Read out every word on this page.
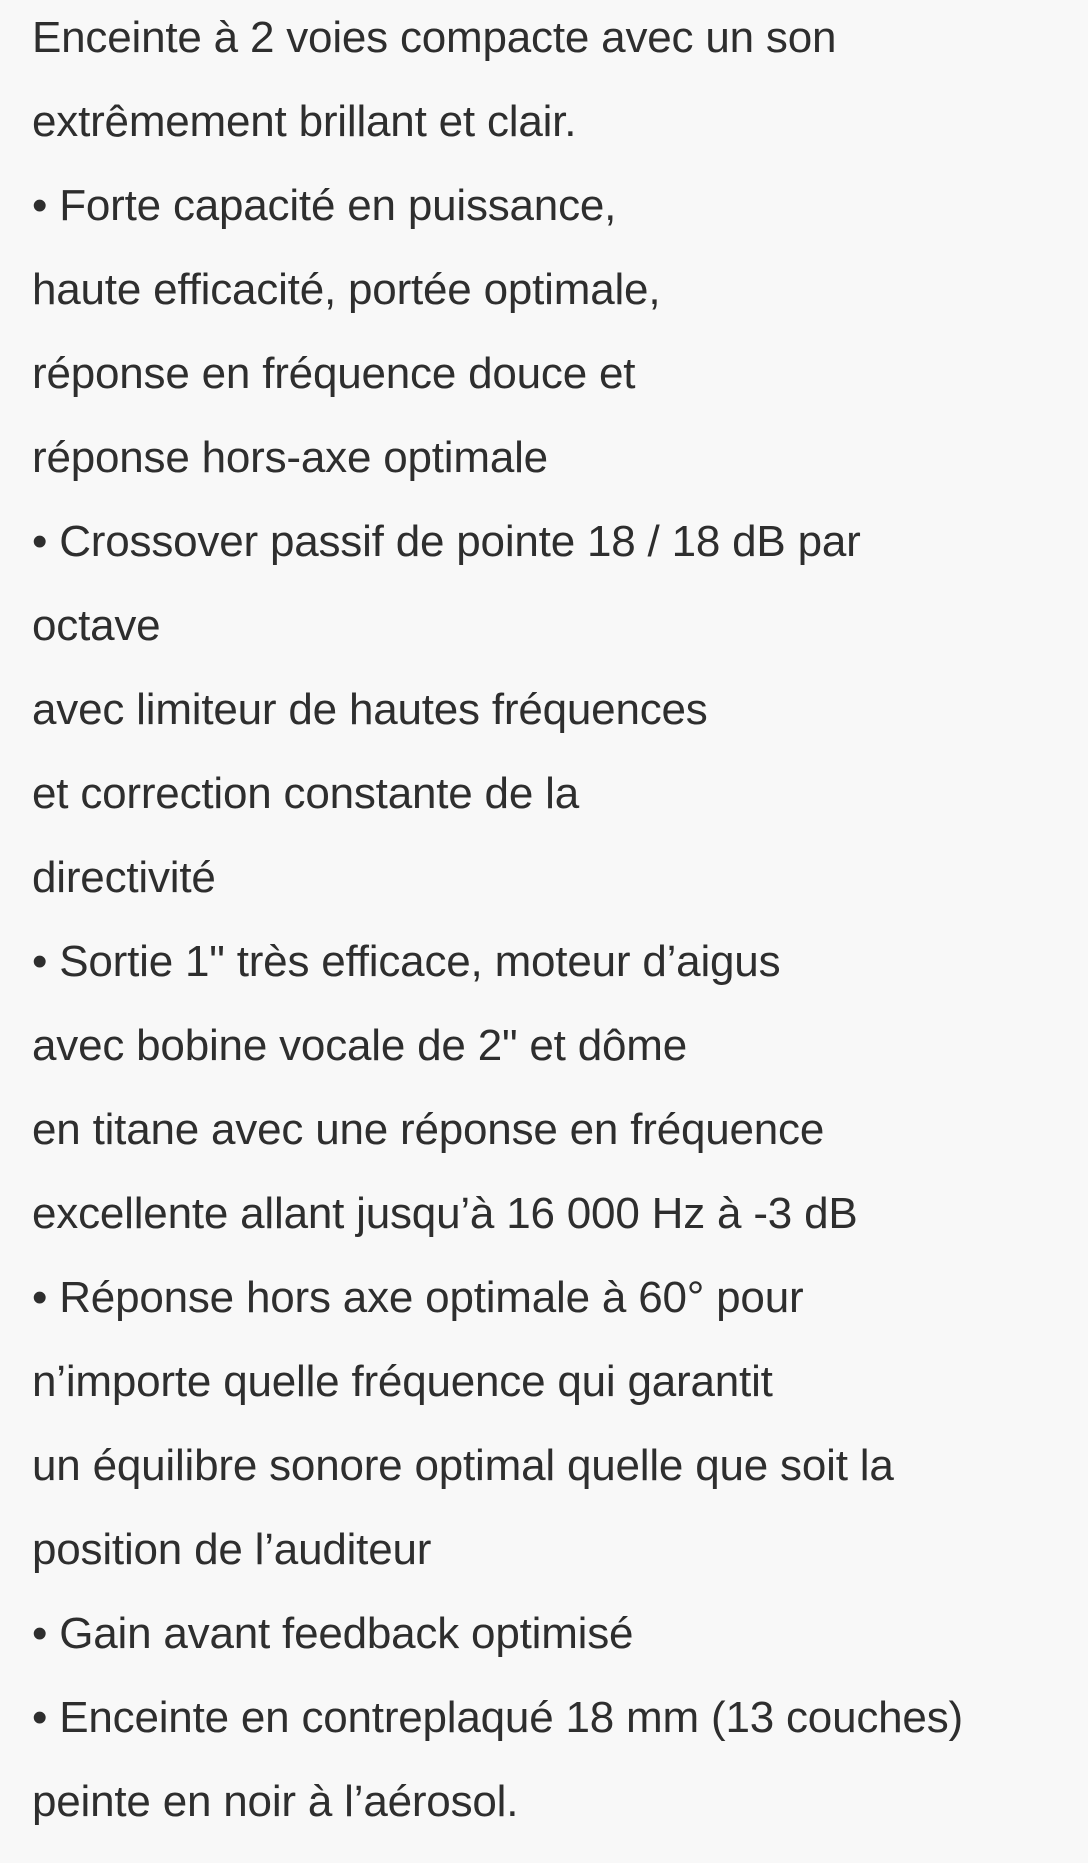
Enceinte à 2 voies compacte avec un son
extrêmement brillant et clair.
• Forte capacité en puissance,
haute efficacité, portée optimale,
réponse en fréquence douce et
réponse hors-axe optimale
• Crossover passif de pointe 18 / 18 dB par
octave
avec limiteur de hautes fréquences
et correction constante de la
directivité
• Sortie 1" très efficace, moteur d’aigus
avec bobine vocale de 2" et dôme
en titane avec une réponse en fréquence
excellente allant jusqu’à 16 000 Hz à -3 dB
• Réponse hors axe optimale à 60° pour
n’importe quelle fréquence qui garantit
un équilibre sonore optimal quelle que soit la
position de l’auditeur
• Gain avant feedback optimisé
• Enceinte en contreplaqué 18 mm (13 couches)
peinte en noir à l’aérosol.
